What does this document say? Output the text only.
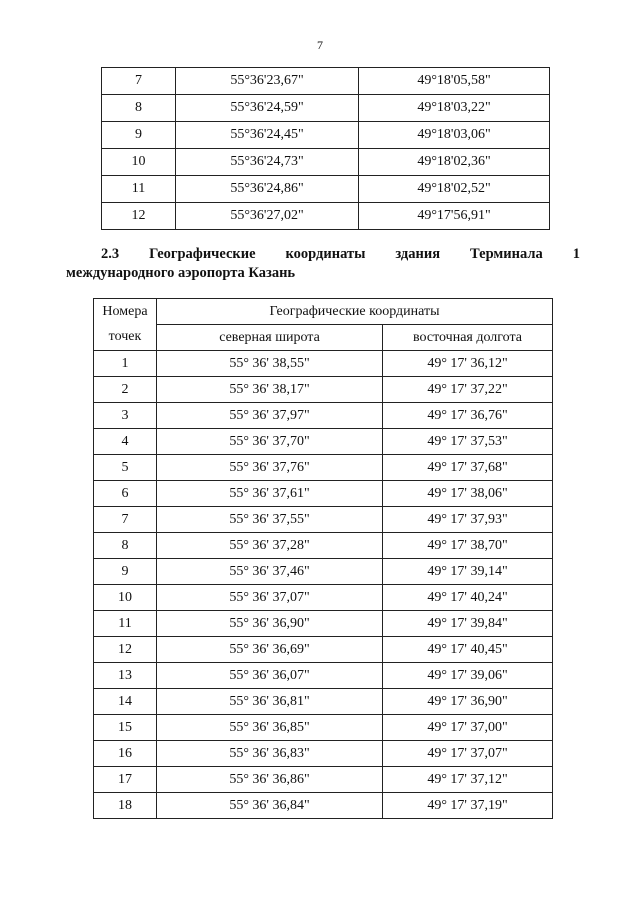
7
7	55°36'23,67"	49°18'05,58"
8	55°36'24,59"	49°18'03,22"
9	55°36'24,45"	49°18'03,06"
10	55°36'24,73"	49°18'02,36"
11	55°36'24,86"	49°18'02,52"
12	55°36'27,02"	49°17'56,91"
2.3 Географические координаты здания Терминала 1
международного аэропорта Казань
Номера	Географические координаты	
точек	северная широта	восточная долгота
1	55° 36' 38,55"	49° 17' 36,12"
2	55° 36' 38,17"	49° 17' 37,22"
3	55° 36' 37,97"	49° 17' 36,76"
4	55° 36' 37,70"	49° 17' 37,53"
5	55° 36' 37,76"	49° 17' 37,68"
6	55° 36' 37,61"	49° 17' 38,06"
7	55° 36' 37,55"	49° 17' 37,93"
8	55° 36' 37,28"	49° 17' 38,70"
9	55° 36' 37,46"	49° 17' 39,14"
10	55° 36' 37,07"	49° 17' 40,24"
11	55° 36' 36,90"	49° 17' 39,84"
12	55° 36' 36,69"	49° 17' 40,45"
13	55° 36' 36,07"	49° 17' 39,06"
14	55° 36' 36,81"	49° 17' 36,90"
15	55° 36' 36,85"	49° 17' 37,00"
16	55° 36' 36,83"	49° 17' 37,07"
17	55° 36' 36,86"	49° 17' 37,12"
18	55° 36' 36,84"	49° 17' 37,19"
